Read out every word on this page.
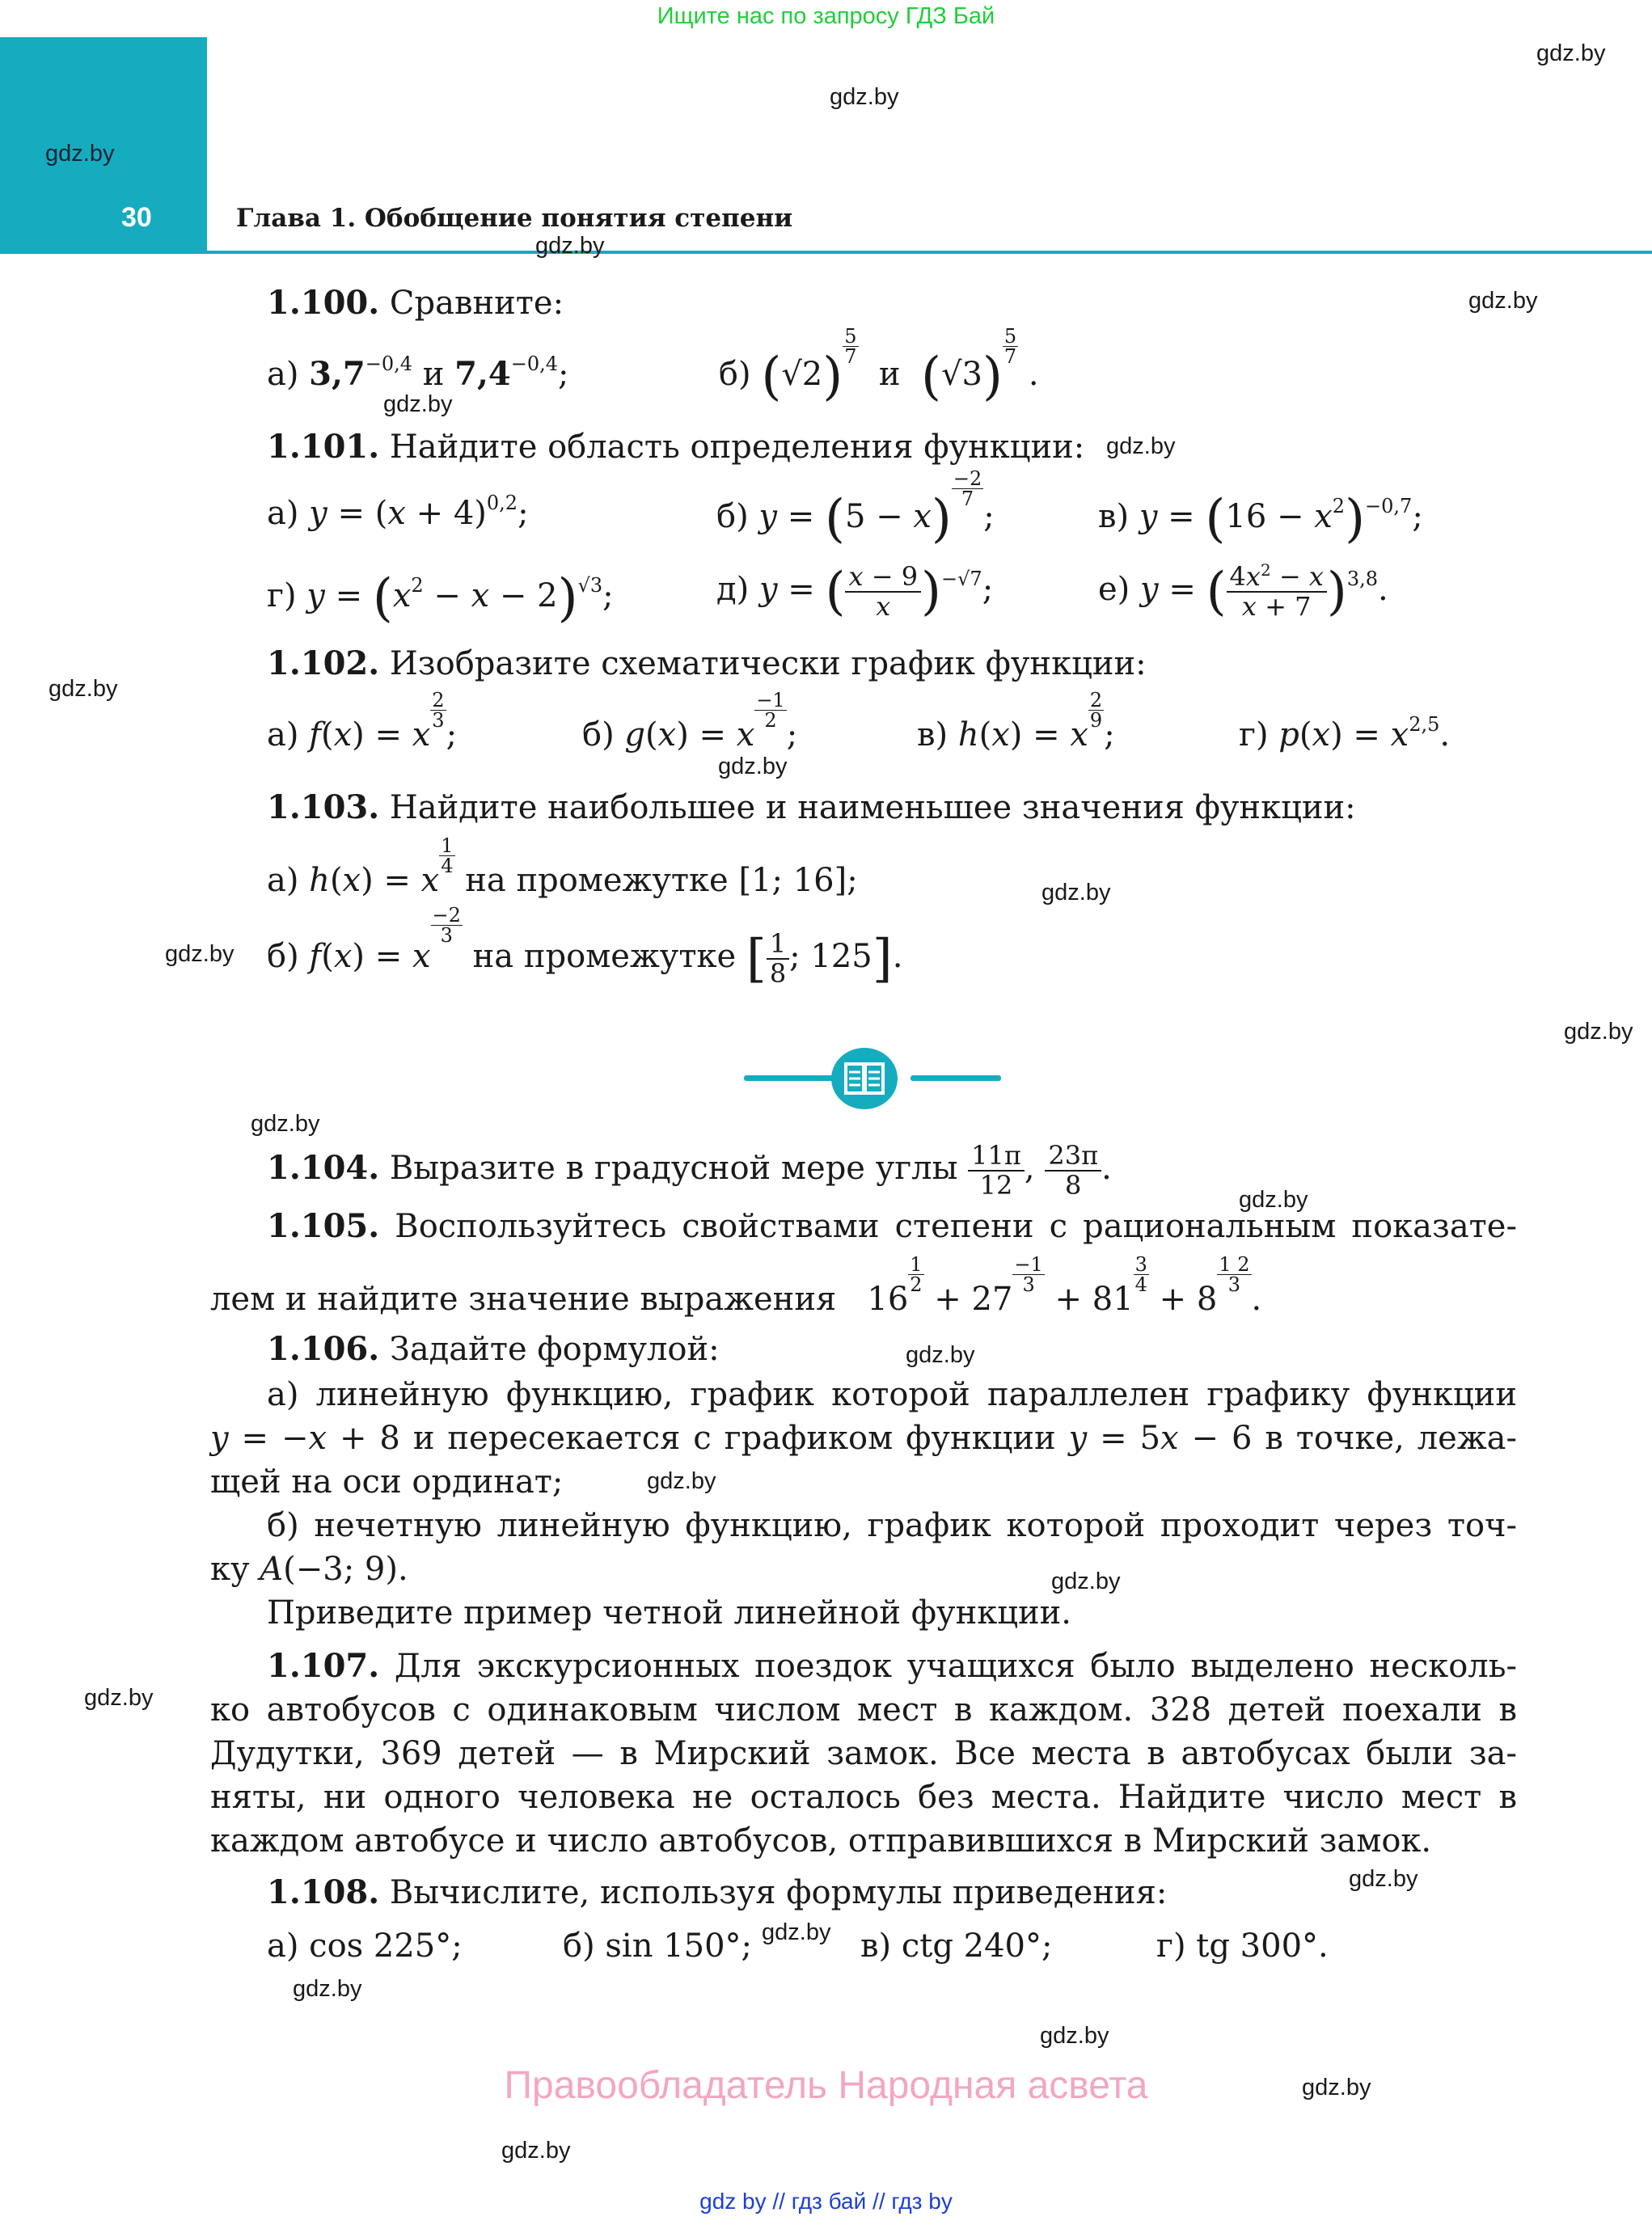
Ищите нас по запросу ГДЗ Бай
30	Глава 1. Обобщение понятия степени
gdz.by
gdz.by
gdz.by
gdz.by
gdz.by
gdz.by
gdz.by
gdz.by
gdz.by
gdz.by
gdz.by
gdz.by
gdz.by
gdz.by
gdz.by
gdz.by
gdz.by
gdz.by
gdz.by
gdz.by
gdz.by
gdz.by
gdz.by
gdz.by
1.100. Сравните:
а) $3,7^{-0,4}$ и $7,4^{-0,4}$;	б) (√2)
$\frac{5}{7}$
и  (√3)
$\frac{5}{7}$
.
1.101. Найдите область определения функции:
а) $y = (x + 4)^{0,2}$;	б) y = (5 − x)
$\frac{-2}{7}$
;	в) $y = (16 - x^2)^{-0,7}$;
г) $y = (x^2 - x - 2)^{√3}$;	д) y = ( $\frac{x - 9}{x} )^{-√7}$;	е) y = ( $\frac{4x^2 - x}{x + 7} )^{3,8}$.
1.102. Изобразите схематически график функции:
а) f(x) = x
$\frac{2}{3}$
;	б) g(x) = x
$\frac{-1}{2}$
;	в) h(x) = x
$\frac{2}{9}$
;	г) $p(x) = x^{2,5}$.
1.103. Найдите наибольшее и наименьшее значения функции:
а) h(x) = x
$\frac{1}{4}$
на промежутке [1; 16];
б) f(x) = x
$\frac{-2}{3}$
на промежутке [ $\frac{1}{8}$ ; 125].
1.104. Выразите в градусной мере углы $\frac{11\pi}{12}$ , $\frac{23\pi}{8}$ .
1.105. Воспользуйтесь свойствами степени с рациональным показате-
лем и найдите значение выражения   16
$\frac{1}{2}$
+ 27
$\frac{-1}{3}$
+ 81
$\frac{3}{4}$
+ 8
$\frac{1 2}{3}$
.
1.106. Задайте формулой:
а) линейную функцию, график которой параллелен графику функции
y = −x + 8 и пересекается с графиком функции y = 5x − 6 в точке, лежа-
щей на оси ординат;
б) нечетную линейную функцию, график которой проходит через точ-
ку A(−3; 9).
Приведите пример четной линейной функции.
1.107. Для экскурсионных поездок учащихся было выделено несколь-
ко автобусов с одинаковым числом мест в каждом. 328 детей поехали в
Дудутки, 369 детей — в Мирский замок. Все места в автобусах были за-
няты, ни одного человека не осталось без места. Найдите число мест в
каждом автобусе и число автобусов, отправившихся в Мирский замок.
1.108. Вычислите, используя формулы приведения:
а) cos 225°;	б) sin 150°;	в) ctg 240°;	г) tg 300°.
Правообладатель Народная асвета
gdz by // гдз бай // гдз by
